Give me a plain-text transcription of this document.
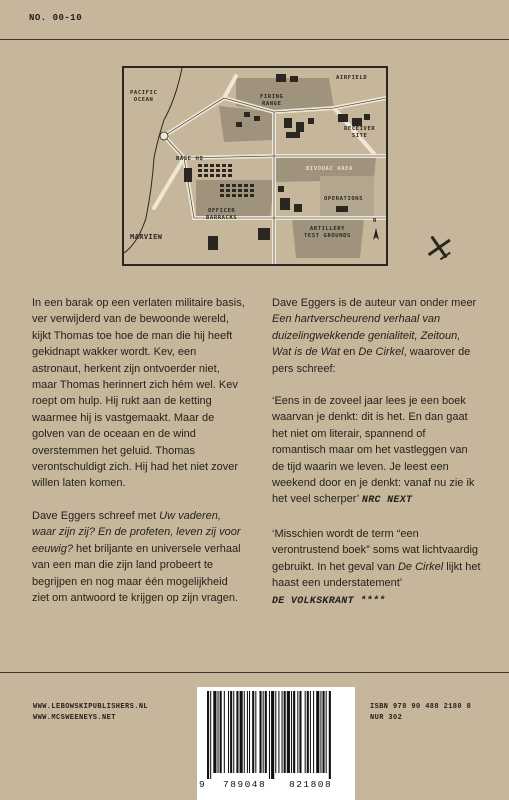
NO. 00-10
PACIFIC
OCEAN
AIRFIELD
FIRING
RANGE
RECEIVER
SITE
BASE HQ
BIVOUAC AREA
OPERATIONS
OFFICER
BARRACKS
ARTILLERY
TEST GROUNDS
MARVIEW
N

In een barak op een verlaten militaire basis, ver verwijderd van de bewoonde wereld, kijkt Thomas toe hoe de man die hij heeft gekidnapt wakker wordt. Kev, een astronaut, herkent zijn ontvoerder niet, maar Thomas herinnert zich hém wel. Kev roept om hulp. Hij rukt aan de ketting waarmee hij is vastgemaakt. Maar de golven van de oceaan en de wind overstemmen het geluid. Thomas verontschuldigt zich. Hij had het niet zover willen laten komen.

Dave Eggers schreef met Uw vaderen, waar zijn zij? En de profeten, leven zij voor eeuwig? het briljante en universele verhaal van een man die zijn land probeert te begrijpen en nog maar één mogelijkheid ziet om antwoord te krijgen op zijn vragen.

Dave Eggers is de auteur van onder meer Een hartverscheurend verhaal van duizelingwekkende genialiteit, Zeitoun, Wat is de Wat en De Cirkel, waarover de pers schreef:

‘Eens in de zoveel jaar lees je een boek waarvan je denkt: dit is het. En dan gaat het niet om literair, spannend of romantisch maar om het vastleggen van de tijd waarin we leven. Je leest een weekend door en je denkt: vanaf nu zie ik het veel scherper’ NRC NEXT

‘Misschien wordt de term “een verontrustend boek” soms wat lichtvaardig gebruikt. In het geval van De Cirkel lijkt het haast een understatement’
DE VOLKSKRANT ****

WWW.LEBOWSKIPUBLISHERS.NL
WWW.MCSWEENEYS.NET
9 789048 821808
ISBN 978 90 488 2180 8
NUR 302
